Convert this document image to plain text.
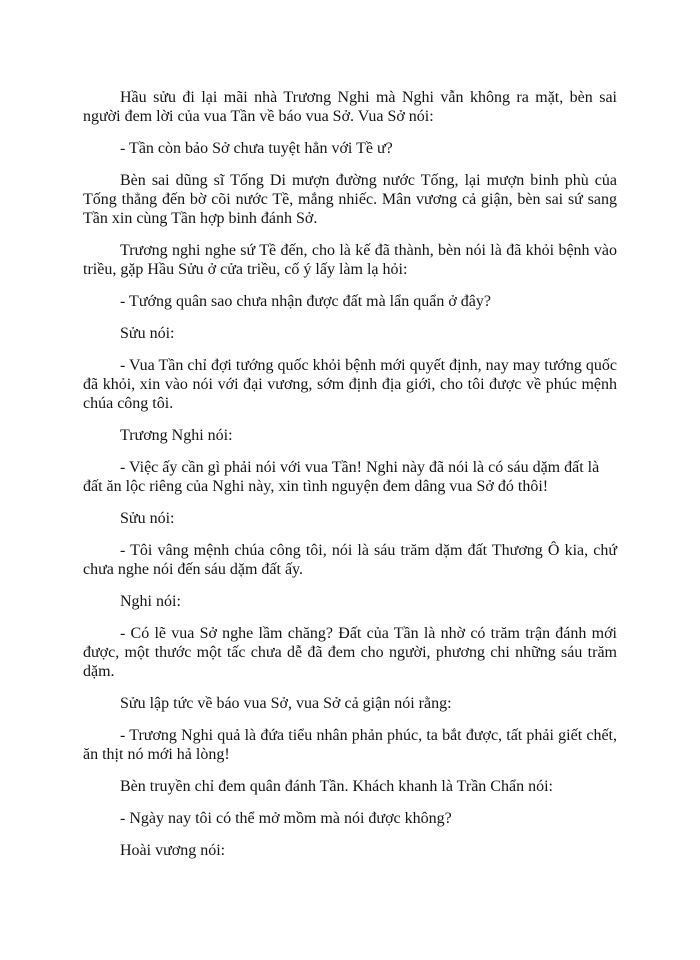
Hầu sửu đi lại mãi nhà Trương Nghi mà Nghi vẫn không ra mặt, bèn sai người đem lời của vua Tần về báo vua Sở. Vua Sở nói:

- Tần còn bảo Sở chưa tuyệt hẳn với Tề ư?

Bèn sai dũng sĩ Tống Di mượn đường nước Tống, lại mượn binh phù của Tống thẳng đến bờ cõi nước Tề, mắng nhiếc. Mân vương cả giận, bèn sai sứ sang Tần xin cùng Tần hợp binh đánh Sở.

Trương nghi nghe sứ Tề đến, cho là kế đã thành, bèn nói là đã khỏi bệnh vào triều, gặp Hầu Sửu ở cửa triều, cố ý lấy làm lạ hỏi:

- Tướng quân sao chưa nhận được đất mà lẩn quẩn ở đây?

Sửu nói:

- Vua Tần chỉ đợi tướng quốc khỏi bệnh mới quyết định, nay may tướng quốc đã khỏi, xin vào nói với đại vương, sớm định địa giới, cho tôi được về phúc mệnh chúa công tôi.

Trương Nghi nói:

- Việc ấy cần gì phải nói với vua Tần! Nghi này đã nói là có sáu dặm đất là đất ăn lộc riêng của Nghi này, xin tình nguyện đem dâng vua Sở đó thôi!

Sửu nói:

- Tôi vâng mệnh chúa công tôi, nói là sáu trăm dặm đất Thương Ô kia, chứ chưa nghe nói đến sáu dặm đất ấy.

Nghi nói:

- Có lẽ vua Sở nghe lầm chăng? Đất của Tần là nhờ có trăm trận đánh mới được, một thước một tấc chưa dễ đã đem cho người, phương chi những sáu trăm dặm.

Sửu lập tức về báo vua Sở, vua Sở cả giận nói rằng:

- Trương Nghi quả là đứa tiểu nhân phản phúc, ta bắt được, tất phải giết chết, ăn thịt nó mới hả lòng!

Bèn truyền chỉ đem quân đánh Tần. Khách khanh là Trần Chẩn nói:

- Ngày nay tôi có thể mở mồm mà nói được không?

Hoài vương nói:
